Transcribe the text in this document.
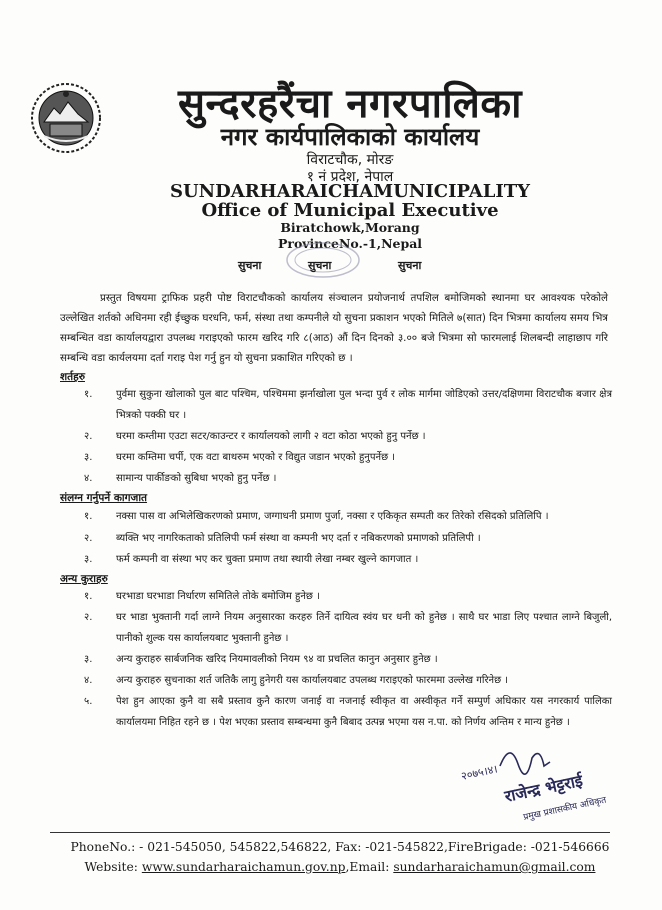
सुन्दरहरैंचा नगरपालिका
नगर कार्यपालिकाको कार्यालय
विराटचौक, मोरङ
१ नं प्रदेश, नेपाल
SUNDARHARAICHAMUNICIPALITY
Office of Municipal Executive
Biratchowk,Morang
ProvinceNo.-1,Nepal
सुचना	सुचना	सुचना
प्रस्तुत विषयमा ट्राफिक प्रहरी पोष्ट विराटचौकको कार्यालय संञ्चालन प्रयोजनार्थ तपशिल बमोजिमको स्थानमा घर आवश्यक परेकोले उल्लेखित शर्तको अधिनमा रही ईच्छुक घरधनि, फर्म, संस्था तथा कम्पनीले यो सुचना प्रकाशन भएको मितिले ७(सात) दिन भित्रमा कार्यालय समय भित्र सम्बन्धित वडा कार्यालयद्वारा उपलब्ध गराइएको फारम खरिद गरि ८(आठ) औं दिन दिनको ३.०० बजे भित्रमा सो फारमलाई शिलबन्दी लाहाछाप गरि सम्बन्धि वडा कार्यलयमा दर्ता गराइ पेश गर्नु हुन यो सुचना प्रकाशित गरिएको छ ।
शर्तहरु
१.	पुर्वमा सुकुना खोलाको पुल बाट पश्चिम, पश्चिममा झर्नाखोला पुल भन्दा पुर्व र लोक मार्गमा जोडिएको उत्तर/दक्षिणमा विराटचौक बजार क्षेत्र भित्रको पक्की घर ।
२.	घरमा कम्तीमा एउटा सटर/काउन्टर र कार्यालयको लागी २ वटा कोठा भएको हुनु पर्नेछ ।
३.	घरमा कम्तिमा चर्पी, एक वटा बाथरुम भएको र विद्युत जडान भएको हुनुपर्नेछ ।
४.	सामान्य पार्कीङको सुबिधा भएको हुनु पर्नेछ ।
संलग्न गर्नुपर्ने कागजात
१.	नक्सा पास वा अभिलेखिकरणको प्रमाण, जग्गाधनी प्रमाण पुर्जा, नक्सा र एकिकृत सम्पती कर तिरेको रसिदको प्रतिलिपि ।
२.	ब्यक्ति भए नागरिकताको प्रतिलिपी फर्म संस्था वा कम्पनी भए दर्ता र नबिकरणको प्रमाणको प्रतिलिपी ।
३.	फर्म कम्पनी वा संस्था भए कर चुक्ता प्रमाण तथा स्थायी लेखा नम्बर खुल्ने कागजात ।
अन्य कुराहरु
१.	घरभाडा घरभाडा निर्धारण समितिले तोके बमोजिम हुनेछ ।
२.	घर भाडा भुक्तानी गर्दा लाग्ने नियम अनुसारका करहरु तिर्ने दायित्व स्वंय घर धनी को हुनेछ । साथै घर भाडा लिए पश्चात लाग्ने बिजुली, पानीको शुल्क यस कार्यालयबाट भुक्तानी हुनेछ ।
३.	अन्य कुराहरु सार्बजनिक खरिद नियमावलीको नियम ९४ वा प्रचलित कानुन अनुसार हुनेछ ।
४.	अन्य कुराहरु सुचनाका शर्त जतिकै लागु हुनेगरी यस कार्यालयबाट उपलब्ध गराइएको फारममा उल्लेख गरिनेछ ।
५.	पेश हुन आएका कुनै वा सबै प्रस्ताव कुनै कारण जनाई वा नजनाई स्वीकृत वा अस्वीकृत गर्ने सम्पुर्ण अधिकार यस नगरकार्य पालिका कार्यालयमा निहित रहने छ । पेश भएका प्रस्ताव सम्बन्धमा कुनै बिबाद उत्पन्न भएमा यस न.पा. को निर्णय अन्तिम र मान्य हुनेछ ।
२०७५।४। राजेन्द्र भेट्टराई
प्रमुख प्रशासकीय अधिकृत
PhoneNo.: - 021-545050, 545822,546822, Fax: -021-545822,FireBrigade: -021-546666
Website: www.sundarharaichamun.gov.np,Email: sundarharaichamun@gmail.com
